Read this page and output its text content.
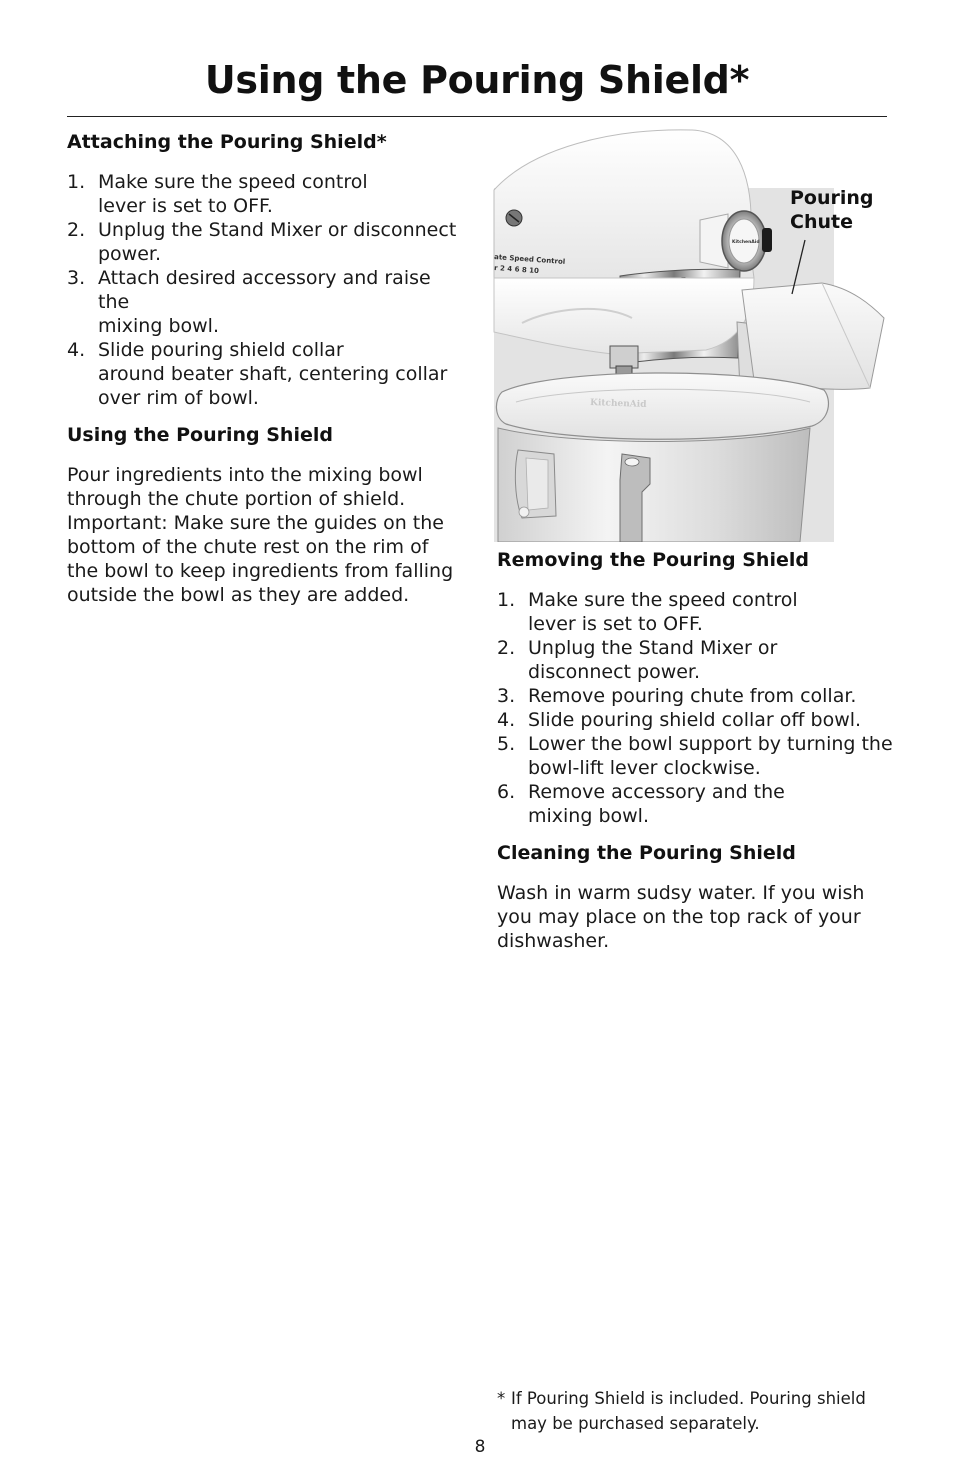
Using the Pouring Shield*
Attaching the Pouring Shield*
1. Make sure the speed control
lever is set to OFF.
2. Unplug the Stand Mixer or disconnect
power.
3. Attach desired accessory and raise the
mixing bowl.
4. Slide pouring shield collar
around beater shaft, centering collar
over rim of bowl.
Using the Pouring Shield

Pour ingredients into the mixing bowl
through the chute portion of shield.
Important: Make sure the guides on the
bottom of the chute rest on the rim of
the bowl to keep ingredients from falling
outside the bowl as they are added.

ate Speed Control
r 2 4 6 8 10
KitchenAid
KitchenAid
Pouring
Chute
Removing the Pouring Shield
1. Make sure the speed control
lever is set to OFF.
2. Unplug the Stand Mixer or
disconnect power.
3. Remove pouring chute from collar.
4. Slide pouring shield collar off bowl.
5. Lower the bowl support by turning the
bowl-lift lever clockwise.
6. Remove accessory and the
mixing bowl.
Cleaning the Pouring Shield

Wash in warm sudsy water. If you wish
you may place on the top rack of your
dishwasher.

* If Pouring Shield is included. Pouring shield
may be purchased separately.
8
